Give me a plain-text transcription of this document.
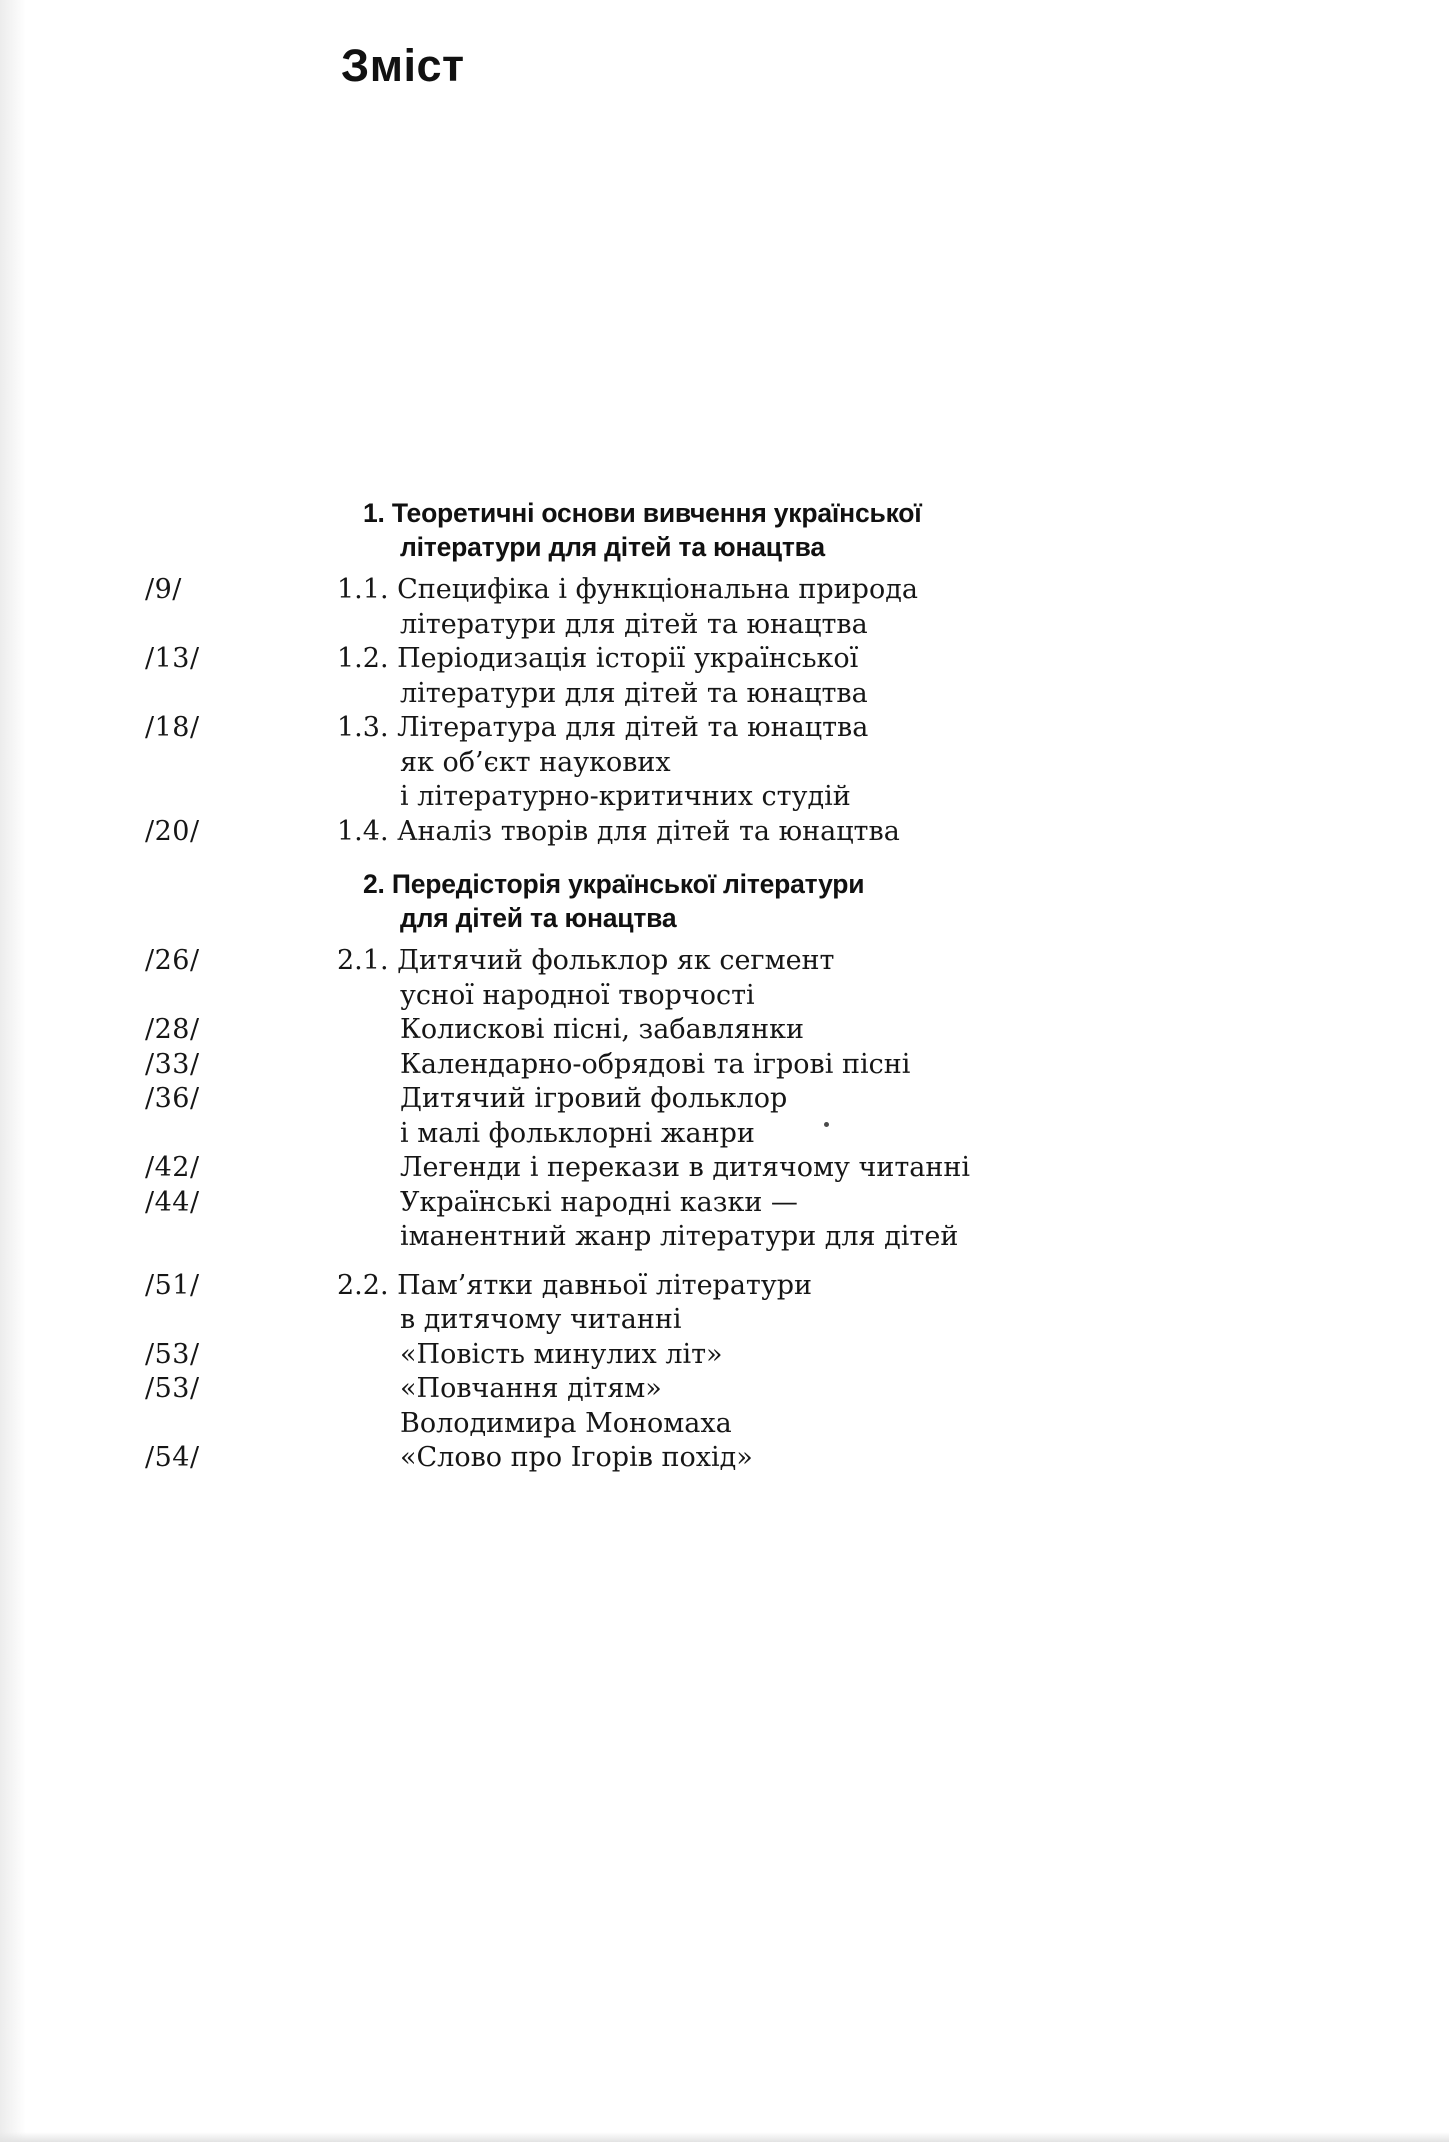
Зміст
1. Теоретичні основи вивчення української
літератури для дітей та юнацтва
/9/	1.1. Специфіка і функціональна природа
літератури для дітей та юнацтва
/13/	1.2. Періодизація історії української
літератури для дітей та юнацтва
/18/	1.3. Література для дітей та юнацтва
як об’єкт наукових
і літературно-критичних студій
/20/	1.4. Аналіз творів для дітей та юнацтва
2. Передісторія української літератури
для дітей та юнацтва
/26/	2.1. Дитячий фольклор як сегмент
усної народної творчості
/28/	Колискові пісні, забавлянки
/33/	Календарно-обрядові та ігрові пісні
/36/	Дитячий ігровий фольклор
і малі фольклорні жанри
/42/	Легенди і перекази в дитячому читанні
/44/	Українські народні казки —
іманентний жанр літератури для дітей
/51/	2.2. Пам’ятки давньої літератури
в дитячому читанні
/53/	«Повість минулих літ»
/53/	«Повчання дітям»
Володимира Мономаха
/54/	«Слово про Ігорів похід»
